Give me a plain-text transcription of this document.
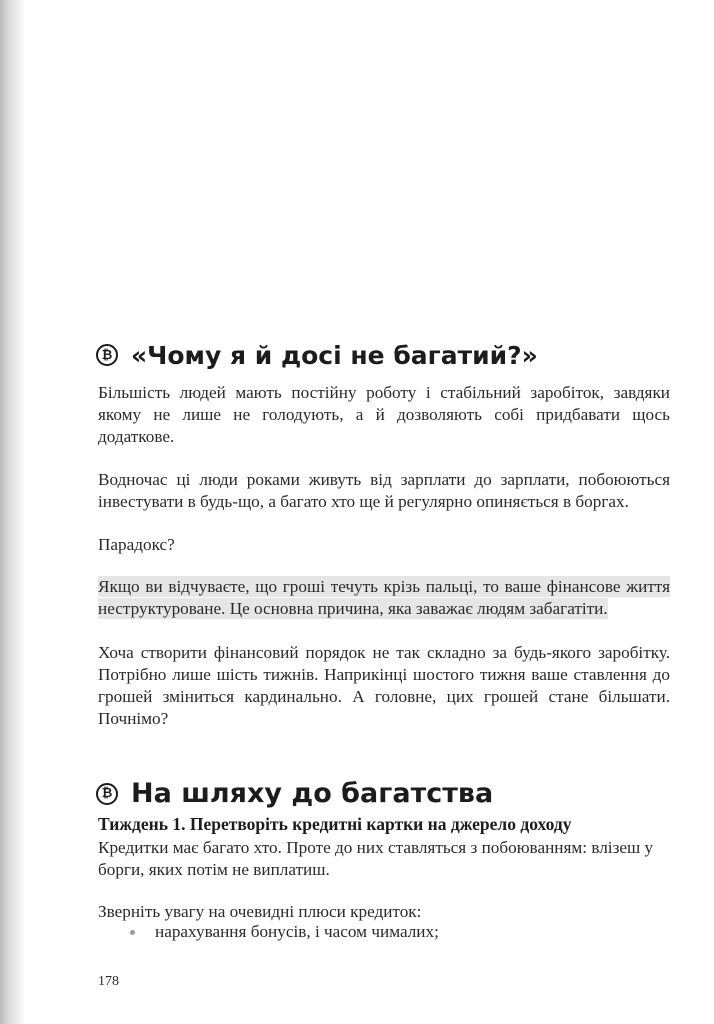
₿ «Чому я й досі не багатий?»

Більшість людей мають постійну роботу і стабільний заробіток, завдяки якому не лише не голодують, а й дозволяють собі придбавати щось додаткове.

Водночас ці люди роками живуть від зарплати до зарплати, побоюються інвестувати в будь-що, а багато хто ще й регулярно опиняється в боргах.

Парадокс?

Якщо ви відчуваєте, що гроші течуть крізь пальці, то ваше фінансове життя неструктуроване. Це основна причина, яка заважає людям забагатіти.

Хоча створити фінансовий порядок не так складно за будь-якого заробітку. Потрібно лише шість тижнів. Наприкінці шостого тижня ваше ставлення до грошей зміниться кардинально. А головне, цих грошей стане більшати. Почнімо?

₿ На шляху до багатства

Тиждень 1. Перетворіть кредитні картки на джерело доходу

Кредитки має багато хто. Проте до них ставляться з побоюванням: влізеш у борги, яких потім не виплатиш.

Зверніть увагу на очевидні плюси кредиток:

нарахування бонусів, і часом чималих;
178
